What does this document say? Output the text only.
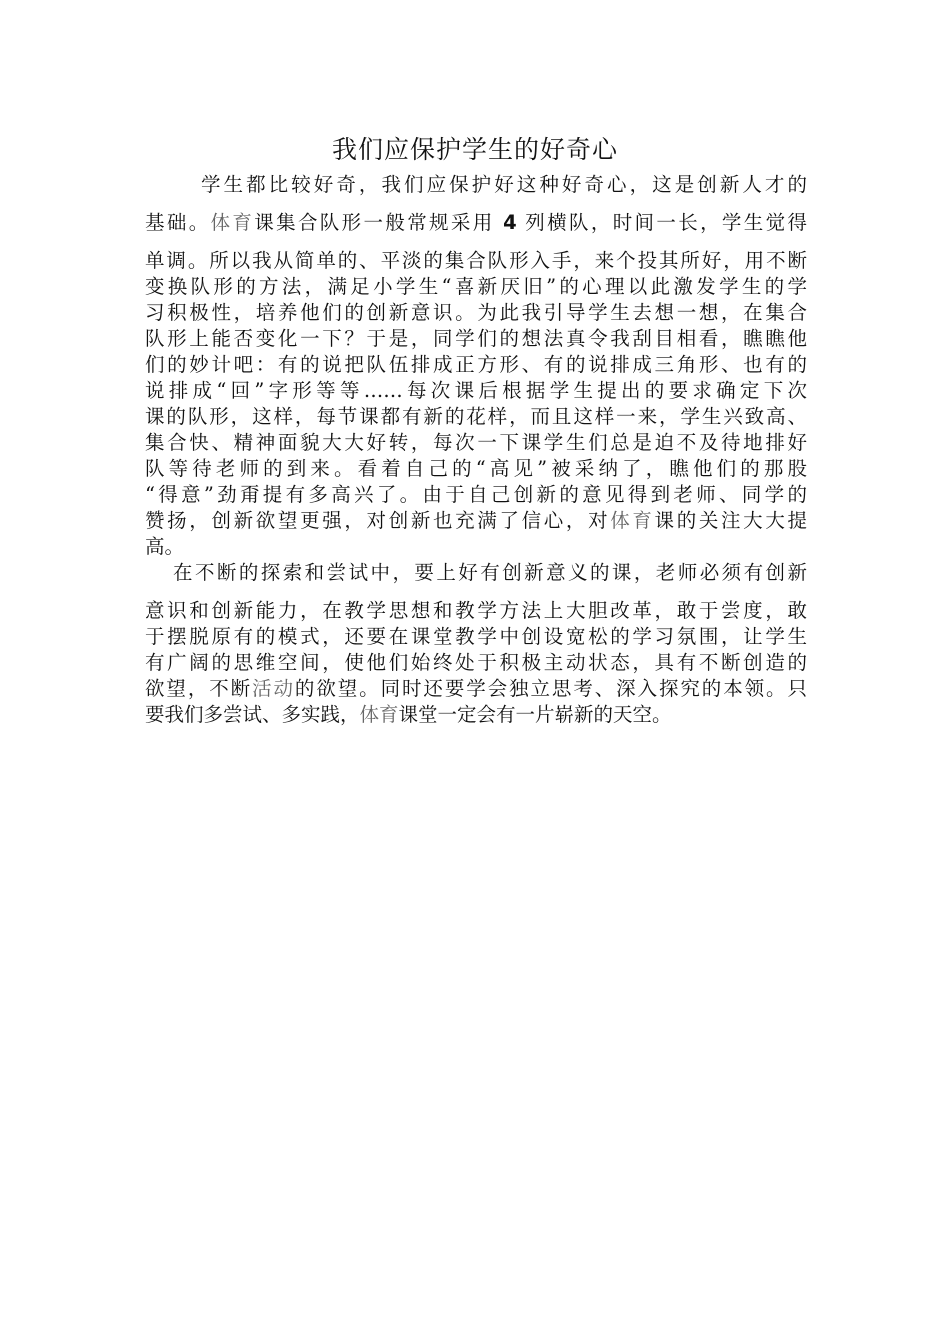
我们应保护学生的好奇心
学生都比较好奇，我们应保护好这种好奇心，这是创新人才的
基础。体育课集合队形一般常规采用 4 列横队，时间一长，学生觉得
单调。所以我从简单的、平淡的集合队形入手，来个投其所好，用不断
变换队形的方法，满足小学生“喜新厌旧”的心理以此激发学生的学
习积极性，培养他们的创新意识。为此我引导学生去想一想，在集合
队形上能否变化一下？于是，同学们的想法真令我刮目相看，瞧瞧他
们的妙计吧：有的说把队伍排成正方形、有的说排成三角形、也有的
说排成“回”字形等等……每次课后根据学生提出的要求确定下次
课的队形，这样，每节课都有新的花样，而且这样一来，学生兴致高、
集合快、精神面貌大大好转，每次一下课学生们总是迫不及待地排好
队等待老师的到来。看着自己的“高见”被采纳了，瞧他们的那股
“得意”劲甭提有多高兴了。由于自己创新的意见得到老师、同学的
赞扬，创新欲望更强，对创新也充满了信心，对体育课的关注大大提
高。
在不断的探索和尝试中，要上好有创新意义的课，老师必须有创新
意识和创新能力，在教学思想和教学方法上大胆改革，敢于尝度，敢
于摆脱原有的模式，还要在课堂教学中创设宽松的学习氛围，让学生
有广阔的思维空间，使他们始终处于积极主动状态，具有不断创造的
欲望，不断活动的欲望。同时还要学会独立思考、深入探究的本领。只
要我们多尝试、多实践，体育课堂一定会有一片崭新的天空。
